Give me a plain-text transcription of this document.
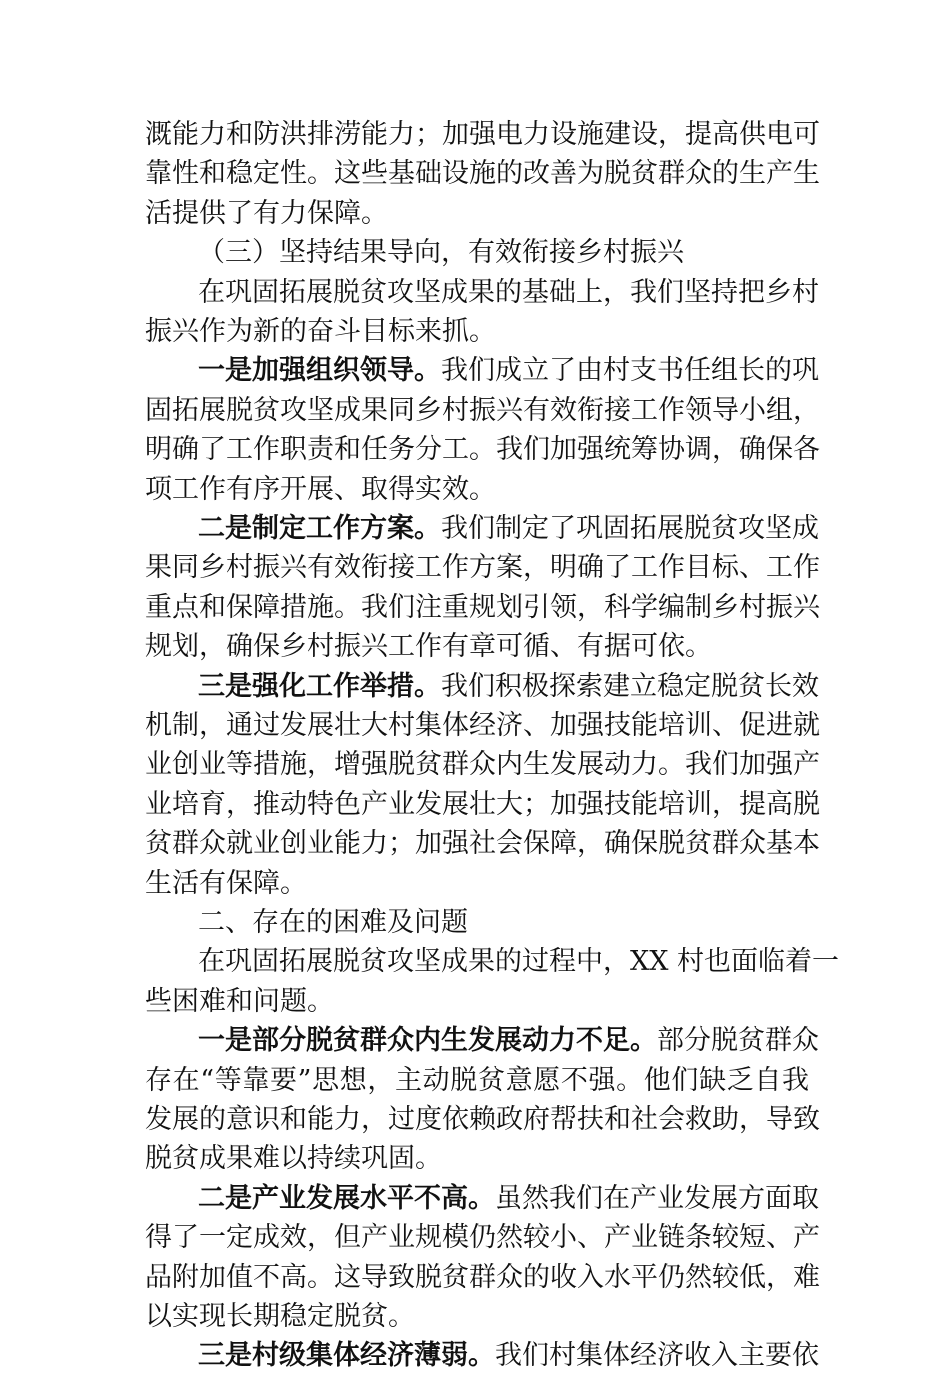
溉能力和防洪排涝能力；加强电力设施建设，提高供电可
靠性和稳定性。这些基础设施的改善为脱贫群众的生产生
活提供了有力保障。
（三）坚持结果导向，有效衔接乡村振兴
在巩固拓展脱贫攻坚成果的基础上，我们坚持把乡村
振兴作为新的奋斗目标来抓。
一是加强组织领导。我们成立了由村支书任组长的巩
固拓展脱贫攻坚成果同乡村振兴有效衔接工作领导小组，
明确了工作职责和任务分工。我们加强统筹协调，确保各
项工作有序开展、取得实效。
二是制定工作方案。我们制定了巩固拓展脱贫攻坚成
果同乡村振兴有效衔接工作方案，明确了工作目标、工作
重点和保障措施。我们注重规划引领，科学编制乡村振兴
规划，确保乡村振兴工作有章可循、有据可依。
三是强化工作举措。我们积极探索建立稳定脱贫长效
机制，通过发展壮大村集体经济、加强技能培训、促进就
业创业等措施，增强脱贫群众内生发展动力。我们加强产
业培育，推动特色产业发展壮大；加强技能培训，提高脱
贫群众就业创业能力；加强社会保障，确保脱贫群众基本
生活有保障。
二、存在的困难及问题
在巩固拓展脱贫攻坚成果的过程中，XX 村也面临着一
些困难和问题。
一是部分脱贫群众内生发展动力不足。部分脱贫群众
存在“等靠要”思想，主动脱贫意愿不强。他们缺乏自我
发展的意识和能力，过度依赖政府帮扶和社会救助，导致
脱贫成果难以持续巩固。
二是产业发展水平不高。虽然我们在产业发展方面取
得了一定成效，但产业规模仍然较小、产业链条较短、产
品附加值不高。这导致脱贫群众的收入水平仍然较低，难
以实现长期稳定脱贫。
三是村级集体经济薄弱。我们村集体经济收入主要依
